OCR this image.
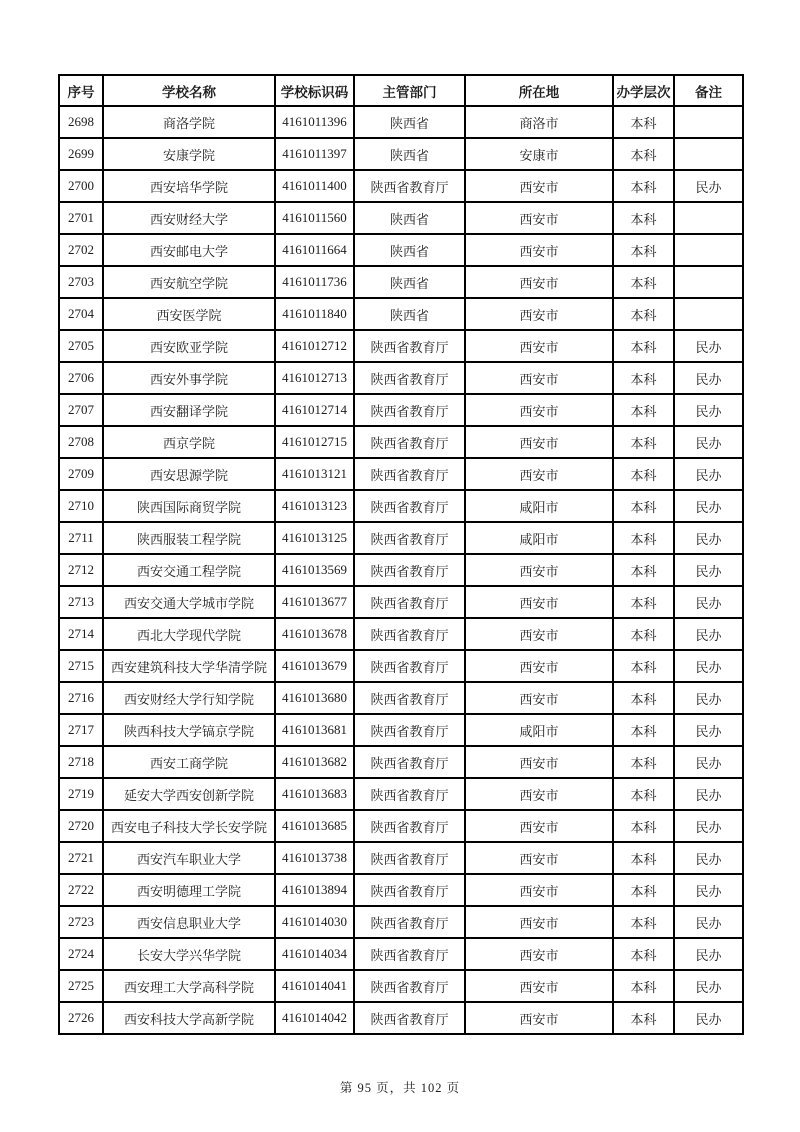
序号	学校名称	学校标识码	主管部门	所在地	办学层次	备注
2698	商洛学院	4161011396	陕西省	商洛市	本科	
2699	安康学院	4161011397	陕西省	安康市	本科	
2700	西安培华学院	4161011400	陕西省教育厅	西安市	本科	民办
2701	西安财经大学	4161011560	陕西省	西安市	本科	
2702	西安邮电大学	4161011664	陕西省	西安市	本科	
2703	西安航空学院	4161011736	陕西省	西安市	本科	
2704	西安医学院	4161011840	陕西省	西安市	本科	
2705	西安欧亚学院	4161012712	陕西省教育厅	西安市	本科	民办
2706	西安外事学院	4161012713	陕西省教育厅	西安市	本科	民办
2707	西安翻译学院	4161012714	陕西省教育厅	西安市	本科	民办
2708	西京学院	4161012715	陕西省教育厅	西安市	本科	民办
2709	西安思源学院	4161013121	陕西省教育厅	西安市	本科	民办
2710	陕西国际商贸学院	4161013123	陕西省教育厅	咸阳市	本科	民办
2711	陕西服装工程学院	4161013125	陕西省教育厅	咸阳市	本科	民办
2712	西安交通工程学院	4161013569	陕西省教育厅	西安市	本科	民办
2713	西安交通大学城市学院	4161013677	陕西省教育厅	西安市	本科	民办
2714	西北大学现代学院	4161013678	陕西省教育厅	西安市	本科	民办
2715	西安建筑科技大学华清学院	4161013679	陕西省教育厅	西安市	本科	民办
2716	西安财经大学行知学院	4161013680	陕西省教育厅	西安市	本科	民办
2717	陕西科技大学镐京学院	4161013681	陕西省教育厅	咸阳市	本科	民办
2718	西安工商学院	4161013682	陕西省教育厅	西安市	本科	民办
2719	延安大学西安创新学院	4161013683	陕西省教育厅	西安市	本科	民办
2720	西安电子科技大学长安学院	4161013685	陕西省教育厅	西安市	本科	民办
2721	西安汽车职业大学	4161013738	陕西省教育厅	西安市	本科	民办
2722	西安明德理工学院	4161013894	陕西省教育厅	西安市	本科	民办
2723	西安信息职业大学	4161014030	陕西省教育厅	西安市	本科	民办
2724	长安大学兴华学院	4161014034	陕西省教育厅	西安市	本科	民办
2725	西安理工大学高科学院	4161014041	陕西省教育厅	西安市	本科	民办
2726	西安科技大学高新学院	4161014042	陕西省教育厅	西安市	本科	民办
第 95 页，共 102 页
